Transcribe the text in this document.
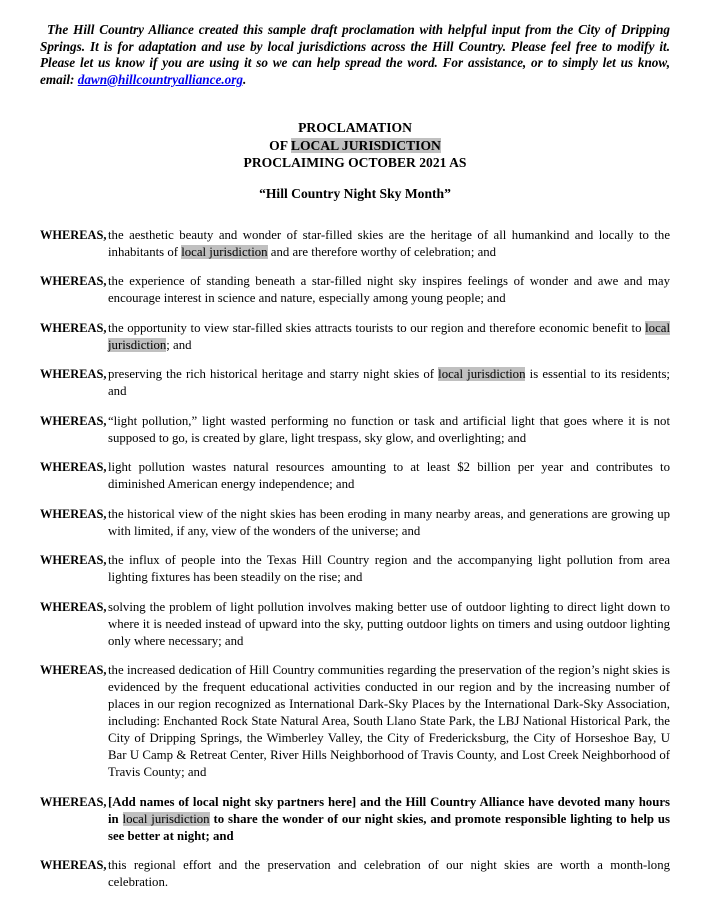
The Hill Country Alliance created this sample draft proclamation with helpful input from the City of Dripping Springs. It is for adaptation and use by local jurisdictions across the Hill Country. Please feel free to modify it. Please let us know if you are using it so we can help spread the word. For assistance, or to simply let us know, email: dawn@hillcountryalliance.org.

PROCLAMATION
OF LOCAL JURISDICTION
PROCLAIMING OCTOBER 2021 AS
“Hill Country Night Sky Month”
WHEREAS, the aesthetic beauty and wonder of star-filled skies are the heritage of all humankind and locally to the inhabitants of local jurisdiction and are therefore worthy of celebration; and
WHEREAS, the experience of standing beneath a star-filled night sky inspires feelings of wonder and awe and may encourage interest in science and nature, especially among young people; and
WHEREAS, the opportunity to view star-filled skies attracts tourists to our region and therefore economic benefit to local jurisdiction; and
WHEREAS, preserving the rich historical heritage and starry night skies of local jurisdiction is essential to its residents; and
WHEREAS, “light pollution,” light wasted performing no function or task and artificial light that goes where it is not supposed to go, is created by glare, light trespass, sky glow, and overlighting; and
WHEREAS, light pollution wastes natural resources amounting to at least $2 billion per year and contributes to diminished American energy independence; and
WHEREAS, the historical view of the night skies has been eroding in many nearby areas, and generations are growing up with limited, if any, view of the wonders of the universe; and
WHEREAS, the influx of people into the Texas Hill Country region and the accompanying light pollution from area lighting fixtures has been steadily on the rise; and
WHEREAS, solving the problem of light pollution involves making better use of outdoor lighting to direct light down to where it is needed instead of upward into the sky, putting outdoor lights on timers and using outdoor lighting only where necessary; and
WHEREAS, the increased dedication of Hill Country communities regarding the preservation of the region’s night skies is evidenced by the frequent educational activities conducted in our region and by the increasing number of places in our region recognized as International Dark-Sky Places by the International Dark-Sky Association, including: Enchanted Rock State Natural Area, South Llano State Park, the LBJ National Historical Park, the City of Dripping Springs, the Wimberley Valley, the City of Fredericksburg, the City of Horseshoe Bay, U Bar U Camp & Retreat Center, River Hills Neighborhood of Travis County, and Lost Creek Neighborhood of Travis County; and
WHEREAS, [Add names of local night sky partners here] and the Hill Country Alliance have devoted many hours in local jurisdiction to share the wonder of our night skies, and promote responsible lighting to help us see better at night; and
WHEREAS, this regional effort and the preservation and celebration of our night skies are worth a month-long celebration.
